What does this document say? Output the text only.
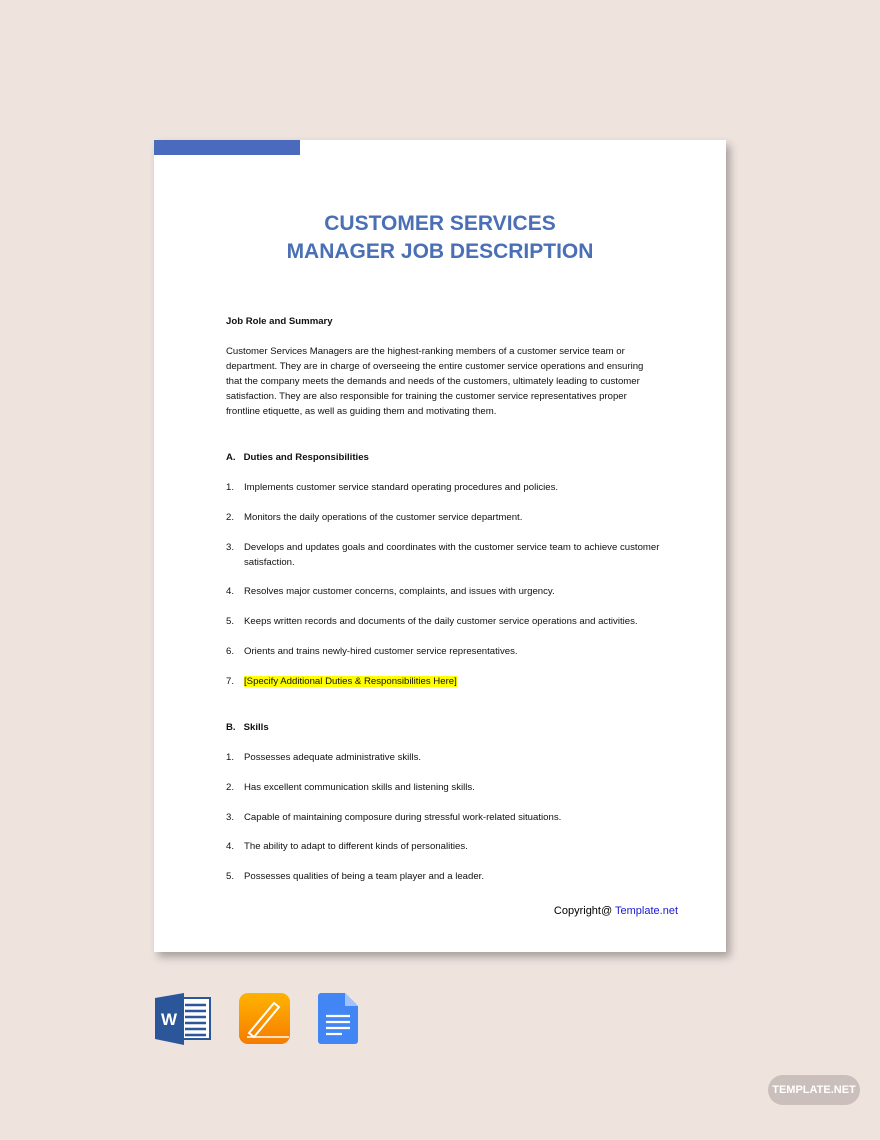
CUSTOMER SERVICES
MANAGER JOB DESCRIPTION
Job Role and Summary
Customer Services Managers are the highest-ranking members of a customer service team or
department. They are in charge of overseeing the entire customer service operations and ensuring
that the company meets the demands and needs of the customers, ultimately leading to customer
satisfaction. They are also responsible for training the customer service representatives proper
frontline etiquette, as well as guiding them and motivating them.
A.   Duties and Responsibilities
1. Implements customer service standard operating procedures and policies.
2. Monitors the daily operations of the customer service department.
3. Develops and updates goals and coordinates with the customer service team to achieve customer satisfaction.
4. Resolves major customer concerns, complaints, and issues with urgency.
5. Keeps written records and documents of the daily customer service operations and activities.
6. Orients and trains newly-hired customer service representatives.
7. [Specify Additional Duties & Responsibilities Here]
B.   Skills
1. Possesses adequate administrative skills.
2. Has excellent communication skills and listening skills.
3. Capable of maintaining composure during stressful work-related situations.
4. The ability to adapt to different kinds of personalities.
5. Possesses qualities of being a team player and a leader.
Copyright@ Template.net
W
TEMPLATE.NET
